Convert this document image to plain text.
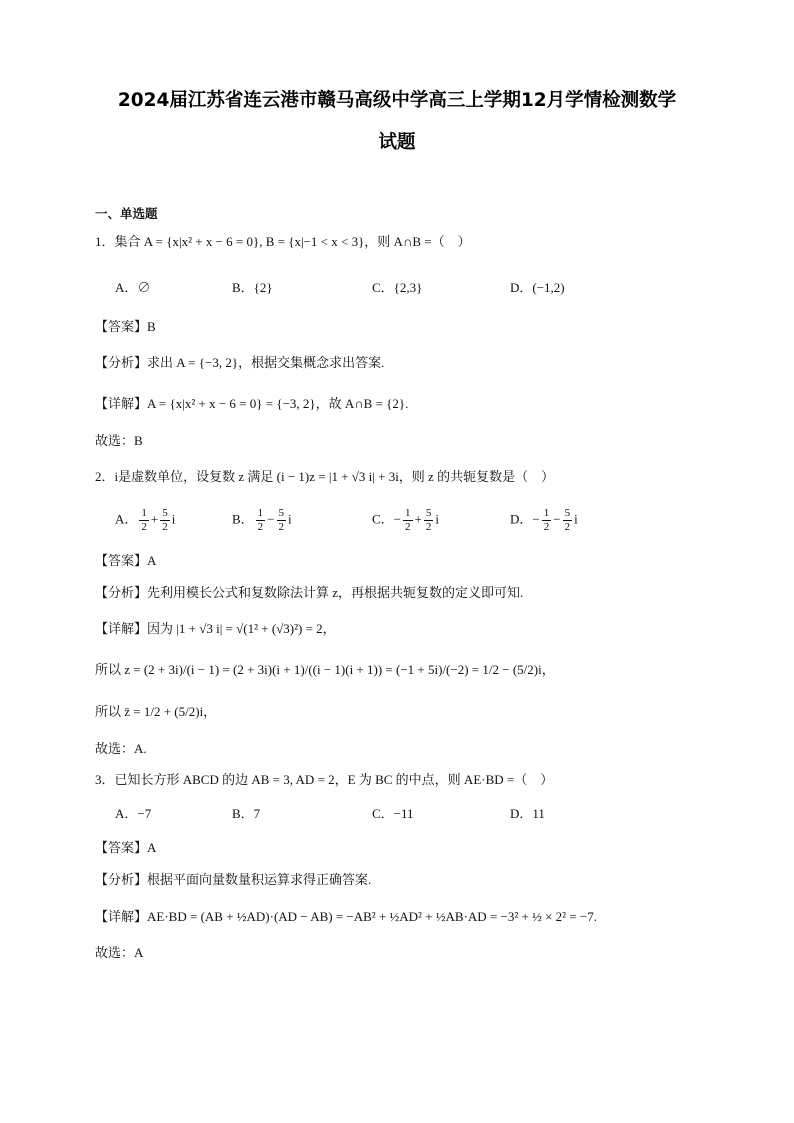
2024届江苏省连云港市赣马高级中学高三上学期12月学情检测数学
试题
一、单选题
1．集合 A = {x|x² + x − 6 = 0}, B = {x|−1 < x < 3}，则 A∩B =（　）
A．∅	B．{2}	C．{2,3}	D．(−1,2)
【答案】B
【分析】求出 A = {−3, 2}，根据交集概念求出答案.
【详解】A = {x|x² + x − 6 = 0} = {−3, 2}，故 A∩B = {2}.
故选：B
2．i是虚数单位，设复数 z 满足 (i − 1)z = |1 + √3 i| + 3i，则 z 的共轭复数是（　）
A． $\frac{1}{2} + \frac{5}{2}$ i	B． $\frac{1}{2} - \frac{5}{2}$ i	C．− $\frac{1}{2} + \frac{5}{2}$ i	D．− $\frac{1}{2} - \frac{5}{2}$ i
【答案】A
【分析】先利用模长公式和复数除法计算 z，再根据共轭复数的定义即可知.
【详解】因为 |1 + √3 i| = √(1² + (√3)²) = 2，
所以 z = (2 + 3i)/(i − 1) = (2 + 3i)(i + 1)/((i − 1)(i + 1)) = (−1 + 5i)/(−2) = 1/2 − (5/2)i，
所以 z̄ = 1/2 + (5/2)i，
故选：A.
3．已知长方形 ABCD 的边 AB = 3, AD = 2，E 为 BC 的中点，则 AE·BD =（　）
A．−7	B．7	C．−11	D．11
【答案】A
【分析】根据平面向量数量积运算求得正确答案.
【详解】AE·BD = (AB + ½AD)·(AD − AB) = −AB² + ½AD² + ½AB·AD = −3² + ½ × 2² = −7.
故选：A
